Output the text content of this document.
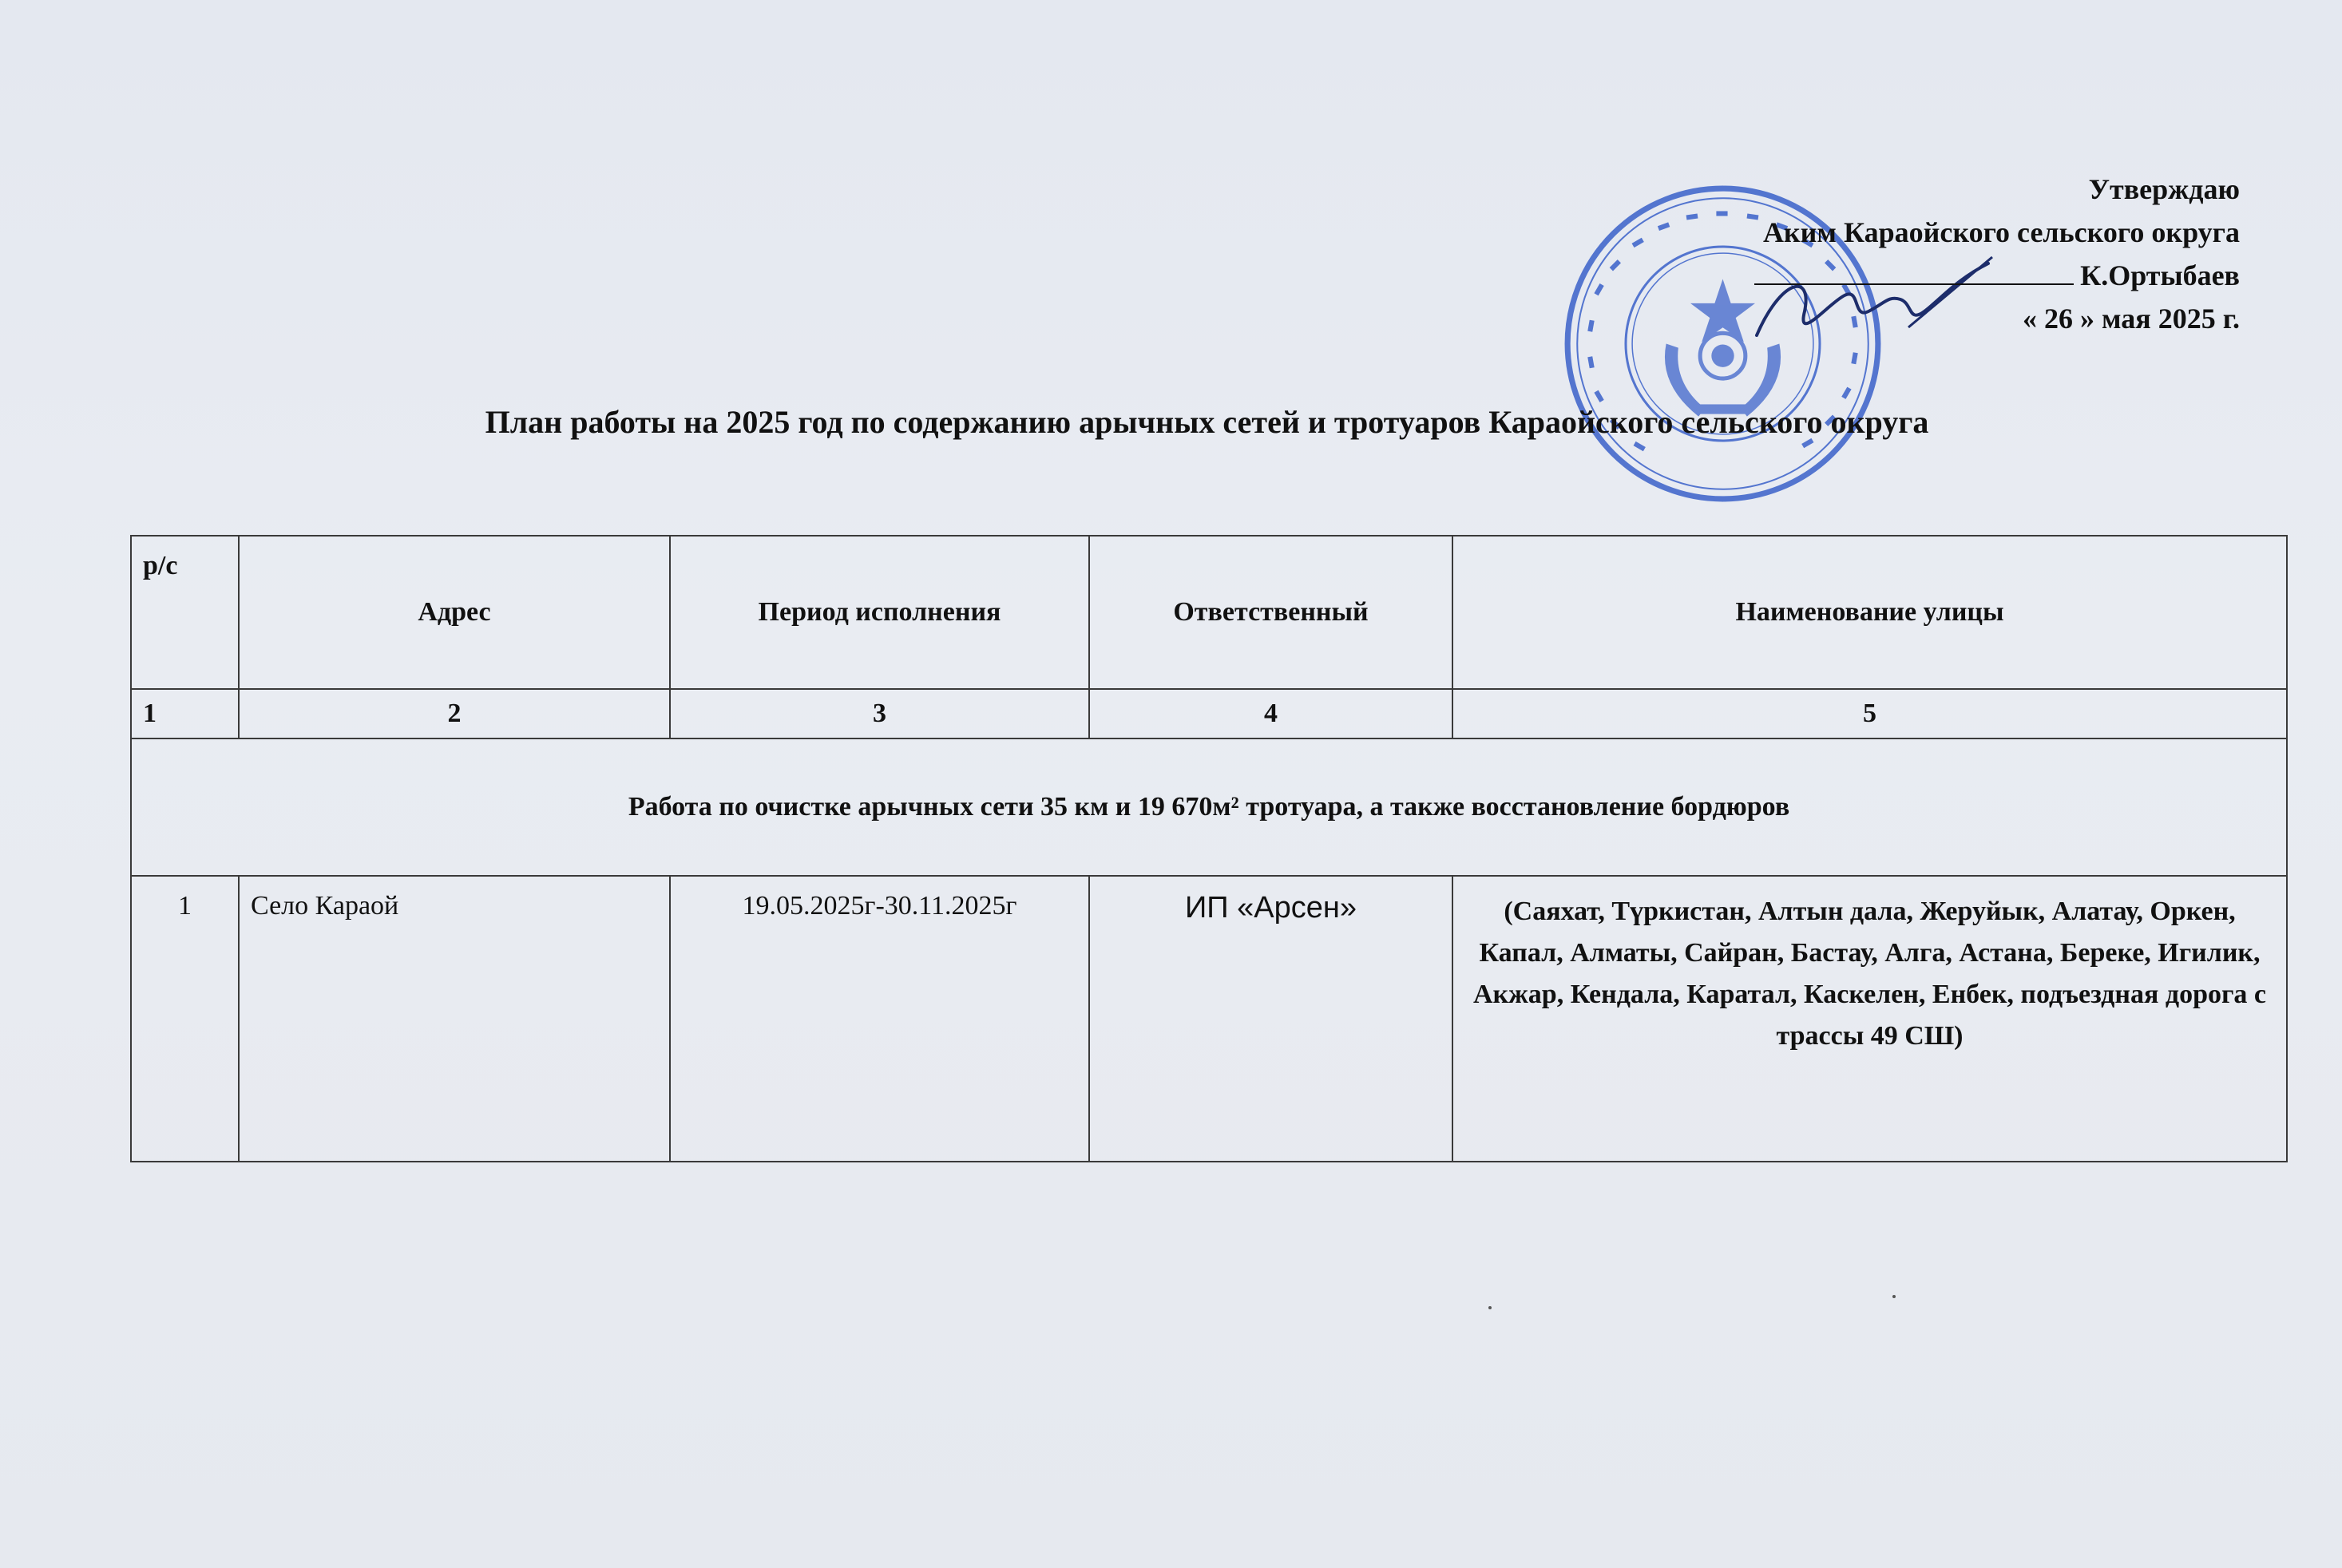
Утверждаю
Аким Караойского сельского округа
К.Ортыбаев
« 26 » мая 2025 г.
План работы на 2025 год по содержанию арычных сетей и тротуаров Караойского сельского округа
р/с	Адрес	Период исполнения	Ответственный	Наименование улицы
1	2	3	4	5
Работа по очистке арычных сети 35 км и 19 670м² тротуара, а также восстановление бордюров				
1	Село Караой	19.05.2025г-30.11.2025г	ИП «Арсен»	(Саяхат, Түркистан, Алтын дала, Жеруйык, Алатау, Оркен, Капал, Алматы, Сайран, Бастау, Алга, Астана, Береке, Игилик, Акжар, Кендала, Каратал, Каскелен, Енбек, подъездная дорога с трассы 49 СШ)
